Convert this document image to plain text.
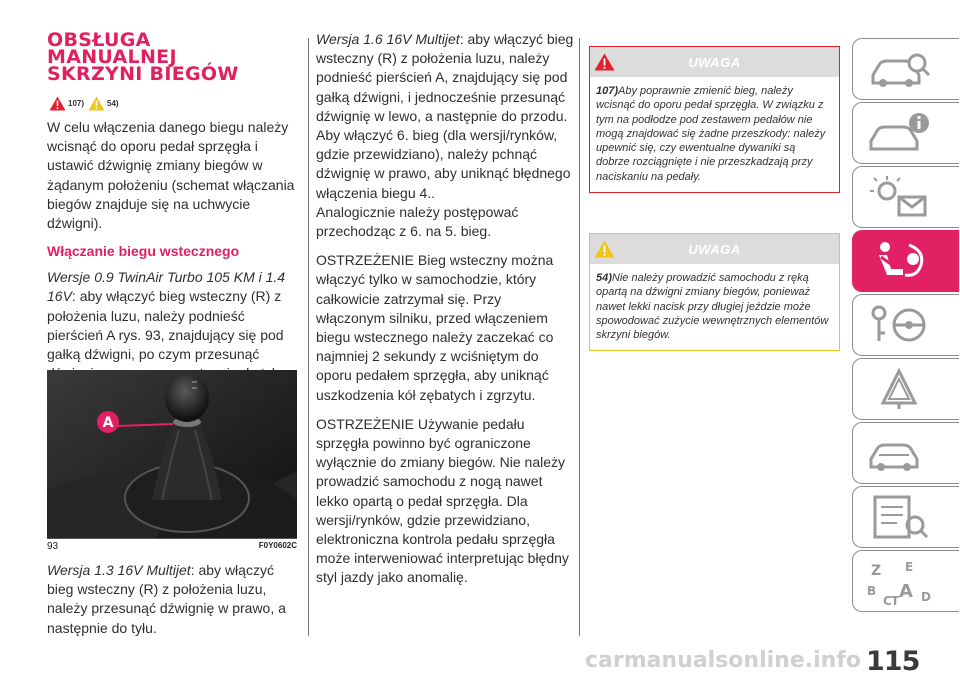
OBSŁUGA
MANUALNEJ
SKRZYNI BIEGÓW
107)	54)

W celu włączenia danego biegu należy wcisnąć do oporu pedał sprzęgła i ustawić dźwignię zmiany biegów w żądanym położeniu (schemat włączania biegów znajduje się na uchwycie dźwigni).

Włączanie biegu wstecznego

Wersje 0.9 TwinAir Turbo 105 KM i 1.4 16V: aby włączyć bieg wsteczny (R) z położenia luzu, należy podnieść pierścień A rys. 93, znajdujący się pod gałką dźwigni, po czym przesunąć

A
93	F0Y0602C

Wersja 1.3 16V Multijet: aby włączyć bieg wsteczny (R) z położenia luzu, należy przesunąć dźwignię w prawo, a następnie do tyłu.

Wersja 1.6 16V Multijet: aby włączyć bieg wsteczny (R) z położenia luzu, należy podnieść pierścień A, znajdujący się pod gałką dźwigni, i jednocześnie przesunąć dźwignię w lewo, a następnie do przodu.

Aby włączyć 6. bieg (dla wersji/rynków, gdzie przewidziano), należy pchnąć dźwignię w prawo, aby uniknąć błędnego włączenia biegu 4..

Analogicznie należy postępować przechodząc z 6. na 5. bieg.

OSTRZEŻENIE Bieg wsteczny można włączyć tylko w samochodzie, który całkowicie zatrzymał się. Przy włączonym silniku, przed włączeniem biegu wstecznego należy zaczekać co najmniej 2 sekundy z wciśniętym do oporu pedałem sprzęgła, aby uniknąć uszkodzenia kół zębatych i zgrzytu.

OSTRZEŻENIE Używanie pedału sprzęgła powinno być ograniczone wyłącznie do zmiany biegów. Nie należy prowadzić samochodu z nogą nawet lekko opartą o pedał sprzęgła. Dla wersji/rynków, gdzie przewidziano, elektroniczna kontrola pedału sprzęgła może interweniować interpretując błędny styl jazdy jako anomalię.

UWAGA
107)Aby poprawnie zmienić bieg, należy wcisnąć do oporu pedał sprzęgła. W związku z tym na podłodze pod zestawem pedałów nie mogą znajdować się żadne przeszkody: należy upewnić się, czy ewentualne dywaniki są dobrze rozciągnięte i nie przeszkadzają przy naciskaniu na pedały.
UWAGA
54)Nie należy prowadzić samochodu z ręką opartą na dźwigni zmiany biegów, ponieważ nawet lekki nacisk przy długiej jeździe może spowodować zużycie wewnętrznych elementów skrzyni biegów.
Z E
B A
C T D
carmanualsonline.info 115
